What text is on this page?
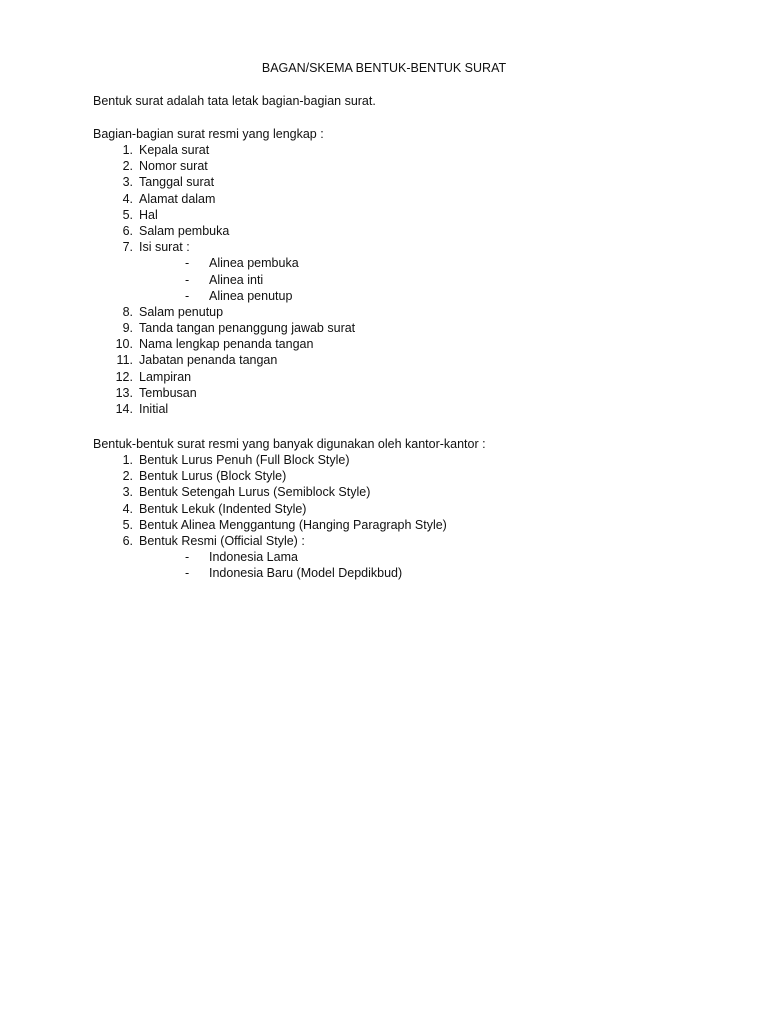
BAGAN/SKEMA BENTUK-BENTUK SURAT
Bentuk surat adalah tata letak bagian-bagian surat.
Bagian-bagian surat resmi yang lengkap :
1. Kepala surat
2. Nomor surat
3. Tanggal surat
4. Alamat dalam
5. Hal
6. Salam pembuka
7. Isi surat :
- Alinea pembuka
- Alinea inti
- Alinea penutup
8. Salam penutup
9. Tanda tangan penanggung jawab surat
10. Nama lengkap penanda tangan
11. Jabatan penanda tangan
12. Lampiran
13. Tembusan
14. Initial
Bentuk-bentuk surat resmi yang banyak digunakan oleh kantor-kantor :
1. Bentuk Lurus Penuh (Full Block Style)
2. Bentuk Lurus (Block Style)
3. Bentuk Setengah Lurus (Semiblock Style)
4. Bentuk Lekuk (Indented Style)
5. Bentuk Alinea Menggantung (Hanging Paragraph Style)
6. Bentuk Resmi (Official Style) :
- Indonesia Lama
- Indonesia Baru (Model Depdikbud)
